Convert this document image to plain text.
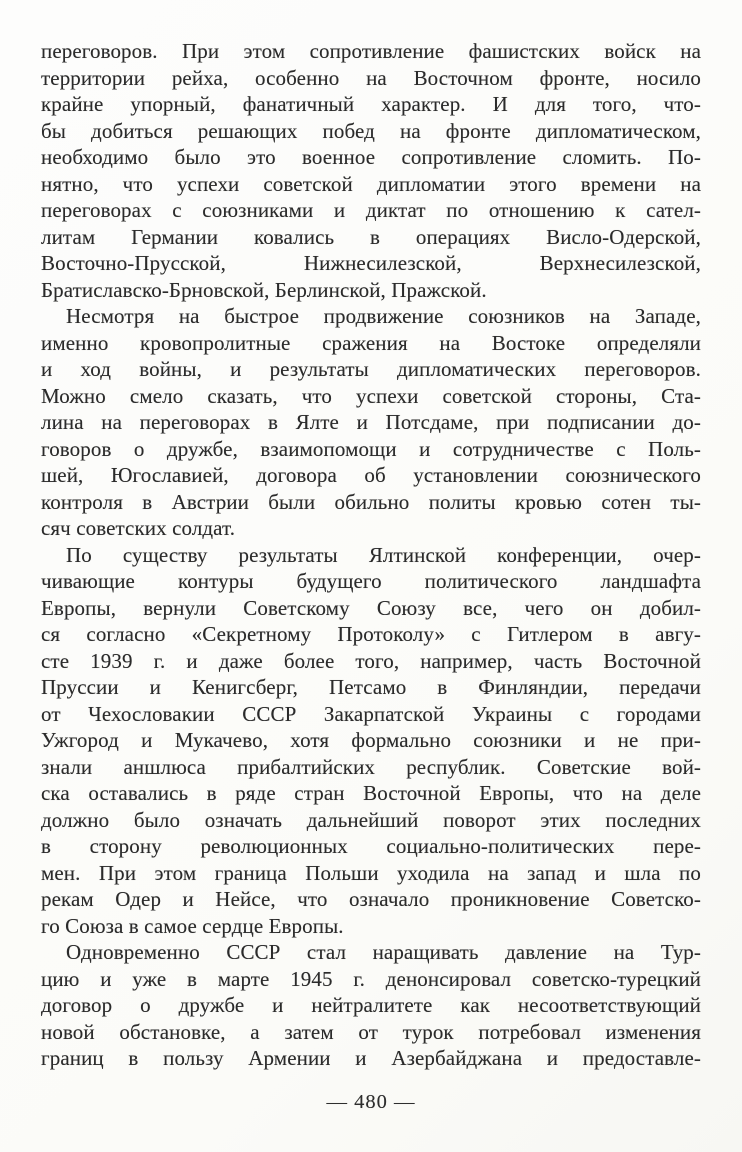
переговоров. При этом сопротивление фашистских войск на
территории рейха, особенно на Восточном фронте, носило
крайне упорный, фанатичный характер. И для того, что-
бы добиться решающих побед на фронте дипломатическом,
необходимо было это военное сопротивление сломить. По-
нятно, что успехи советской дипломатии этого времени на
переговорах с союзниками и диктат по отношению к сател-
литам Германии ковались в операциях Висло-Одерской,
Восточно-Прусской, Нижнесилезской, Верхнесилезской,
Братиславско-Брновской, Берлинской, Пражской.
Несмотря на быстрое продвижение союзников на Западе,
именно кровопролитные сражения на Востоке определяли
и ход войны, и результаты дипломатических переговоров.
Можно смело сказать, что успехи советской стороны, Ста-
лина на переговорах в Ялте и Потсдаме, при подписании до-
говоров о дружбе, взаимопомощи и сотрудничестве с Поль-
шей, Югославией, договора об установлении союзнического
контроля в Австрии были обильно политы кровью сотен ты-
сяч советских солдат.
По существу результаты Ялтинской конференции, очер-
чивающие контуры будущего политического ландшафта
Европы, вернули Советскому Союзу все, чего он добил-
ся согласно «Секретному Протоколу» с Гитлером в авгу-
сте 1939 г. и даже более того, например, часть Восточной
Пруссии и Кенигсберг, Петсамо в Финляндии, передачи
от Чехословакии СССР Закарпатской Украины с городами
Ужгород и Мукачево, хотя формально союзники и не при-
знали аншлюса прибалтийских республик. Советские вой-
ска оставались в ряде стран Восточной Европы, что на деле
должно было означать дальнейший поворот этих последних
в сторону революционных социально-политических пере-
мен. При этом граница Польши уходила на запад и шла по
рекам Одер и Нейсе, что означало проникновение Советско-
го Союза в самое сердце Европы.
Одновременно СССР стал наращивать давление на Тур-
цию и уже в марте 1945 г. денонсировал советско-турецкий
договор о дружбе и нейтралитете как несоответствующий
новой обстановке, а затем от турок потребовал изменения
границ в пользу Армении и Азербайджана и предоставле-
— 480 —
